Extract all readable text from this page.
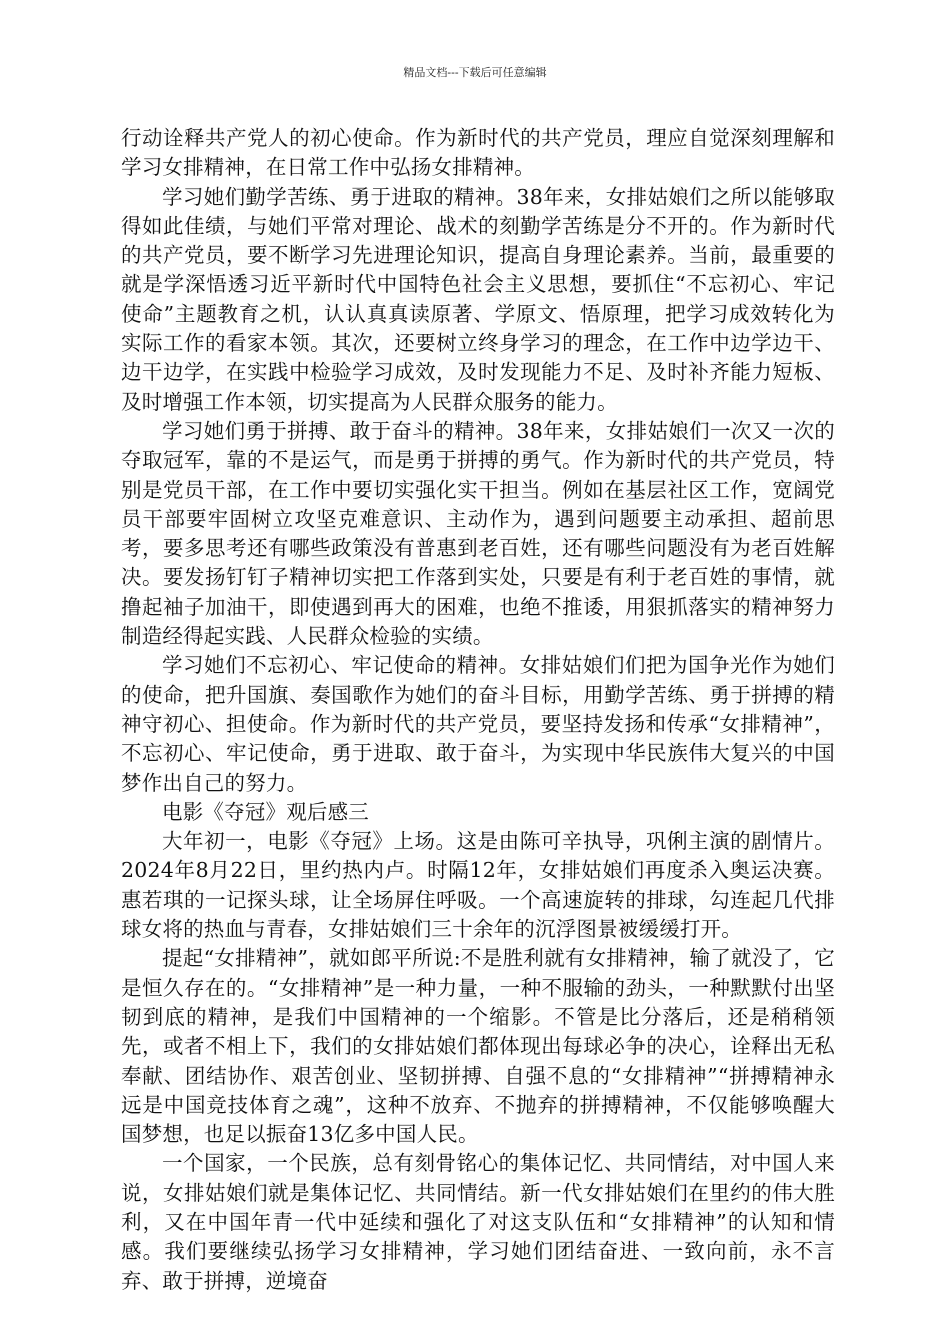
精品文档---下载后可任意编辑

行动诠释共产党人的初心使命。作为新时代的共产党员，理应自觉深刻理解和学习女排精神，在日常工作中弘扬女排精神。

学习她们勤学苦练、勇于进取的精神。38年来，女排姑娘们之所以能够取得如此佳绩，与她们平常对理论、战术的刻勤学苦练是分不开的。作为新时代的共产党员，要不断学习先进理论知识，提高自身理论素养。当前，最重要的就是学深悟透习近平新时代中国特色社会主义思想，要抓住“不忘初心、牢记使命”主题教育之机，认认真真读原著、学原文、悟原理，把学习成效转化为实际工作的看家本领。其次，还要树立终身学习的理念，在工作中边学边干、边干边学，在实践中检验学习成效，及时发现能力不足、及时补齐能力短板、及时增强工作本领，切实提高为人民群众服务的能力。

学习她们勇于拼搏、敢于奋斗的精神。38年来，女排姑娘们一次又一次的夺取冠军，靠的不是运气，而是勇于拼搏的勇气。作为新时代的共产党员，特别是党员干部，在工作中要切实强化实干担当。例如在基层社区工作，宽阔党员干部要牢固树立攻坚克难意识、主动作为，遇到问题要主动承担、超前思考，要多思考还有哪些政策没有普惠到老百姓，还有哪些问题没有为老百姓解决。要发扬钉钉子精神切实把工作落到实处，只要是有利于老百姓的事情，就撸起袖子加油干，即使遇到再大的困难，也绝不推诿，用狠抓落实的精神努力制造经得起实践、人民群众检验的实绩。

学习她们不忘初心、牢记使命的精神。女排姑娘们们把为国争光作为她们的使命，把升国旗、奏国歌作为她们的奋斗目标，用勤学苦练、勇于拼搏的精神守初心、担使命。作为新时代的共产党员，要坚持发扬和传承“女排精神”，不忘初心、牢记使命，勇于进取、敢于奋斗，为实现中华民族伟大复兴的中国梦作出自己的努力。

电影《夺冠》观后感三

大年初一，电影《夺冠》上场。这是由陈可辛执导，巩俐主演的剧情片。2024年8月22日，里约热内卢。时隔12年，女排姑娘们再度杀入奥运决赛。惠若琪的一记探头球，让全场屏住呼吸。一个高速旋转的排球，勾连起几代排球女将的热血与青春，女排姑娘们三十余年的沉浮图景被缓缓打开。

提起“女排精神”，就如郎平所说:不是胜利就有女排精神，输了就没了，它是恒久存在的。“女排精神”是一种力量，一种不服输的劲头，一种默默付出坚韧到底的精神，是我们中国精神的一个缩影。不管是比分落后，还是稍稍领先，或者不相上下，我们的女排姑娘们都体现出每球必争的决心，诠释出无私奉献、团结协作、艰苦创业、坚韧拼搏、自强不息的“女排精神”“拼搏精神永远是中国竞技体育之魂”，这种不放弃、不抛弃的拼搏精神，不仅能够唤醒大国梦想，也足以振奋13亿多中国人民。

一个国家，一个民族，总有刻骨铭心的集体记忆、共同情结，对中国人来说，女排姑娘们就是集体记忆、共同情结。新一代女排姑娘们在里约的伟大胜利，又在中国年青一代中延续和强化了对这支队伍和“女排精神”的认知和情感。我们要继续弘扬学习女排精神，学习她们团结奋进、一致向前，永不言弃、敢于拼搏，逆境奋
